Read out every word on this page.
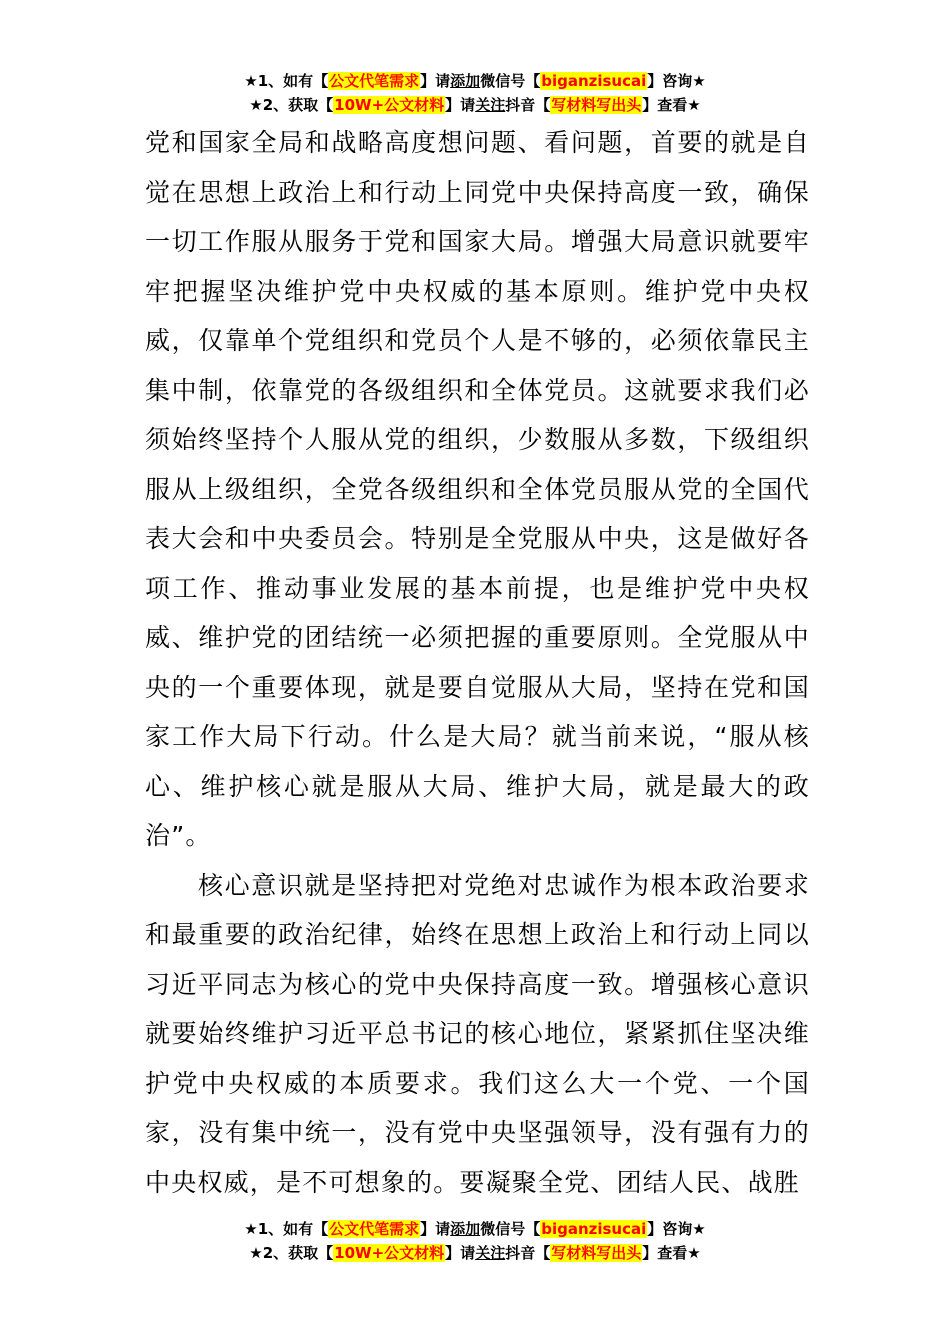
★1、如有【公文代笔需求】请添加微信号【biganzisucai】咨询★
★2、获取【10W+公文材料】请关注抖音【写材料写出头】查看★

党和国家全局和战略高度想问题、看问题，首要的就是自觉在思想上政治上和行动上同党中央保持高度一致，确保一切工作服从服务于党和国家大局。增强大局意识就要牢牢把握坚决维护党中央权威的基本原则。维护党中央权威，仅靠单个党组织和党员个人是不够的，必须依靠民主集中制，依靠党的各级组织和全体党员。这就要求我们必须始终坚持个人服从党的组织，少数服从多数，下级组织服从上级组织，全党各级组织和全体党员服从党的全国代表大会和中央委员会。特别是全党服从中央，这是做好各项工作、推动事业发展的基本前提，也是维护党中央权威、维护党的团结统一必须把握的重要原则。全党服从中央的一个重要体现，就是要自觉服从大局，坚持在党和国家工作大局下行动。什么是大局？就当前来说，“服从核心、维护核心就是服从大局、维护大局，就是最大的政治”。

核心意识就是坚持把对党绝对忠诚作为根本政治要求和最重要的政治纪律，始终在思想上政治上和行动上同以习近平同志为核心的党中央保持高度一致。增强核心意识就要始终维护习近平总书记的核心地位，紧紧抓住坚决维护党中央权威的本质要求。我们这么大一个党、一个国家，没有集中统一，没有党中央坚强领导，没有强有力的中央权威，是不可想象的。要凝聚全党、团结人民、战胜

★1、如有【公文代笔需求】请添加微信号【biganzisucai】咨询★
★2、获取【10W+公文材料】请关注抖音【写材料写出头】查看★
